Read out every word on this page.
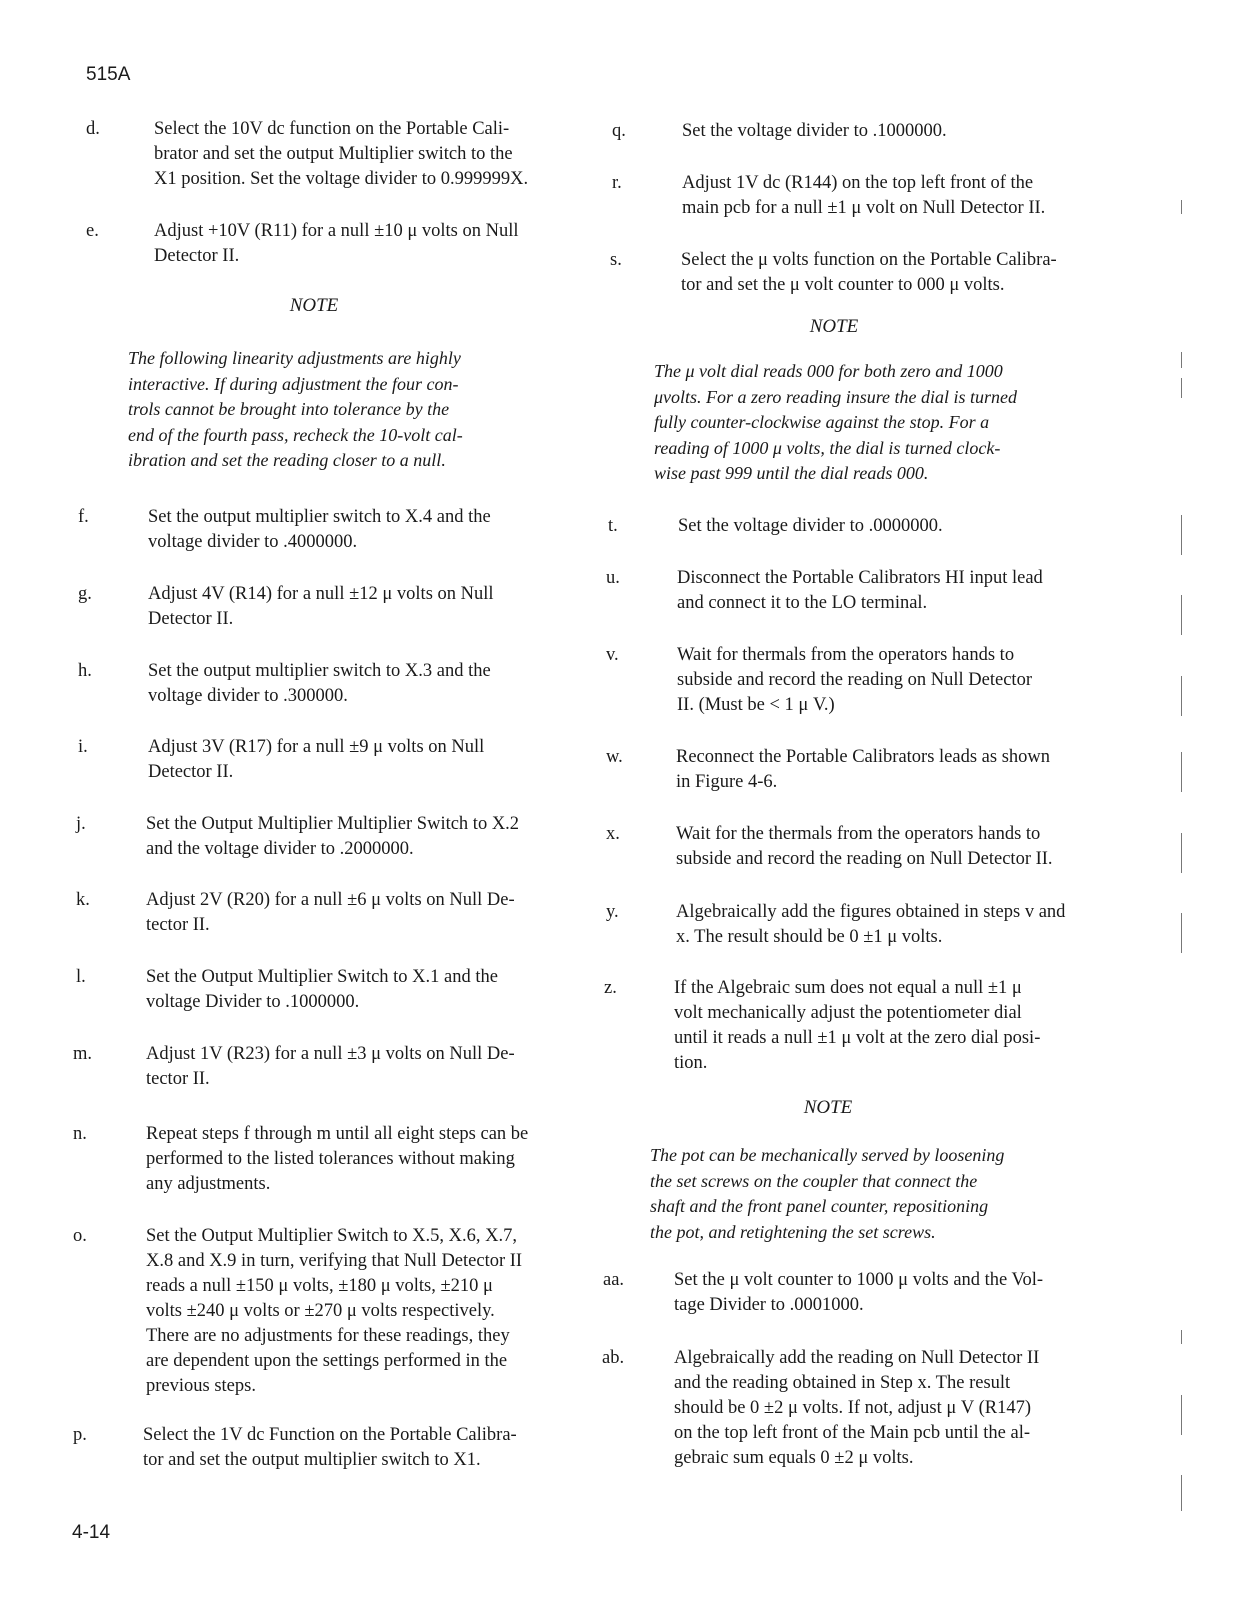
515A
d.	Select the 10V dc function on the Portable Cali-
brator and set the output Multiplier switch to the
X1 position. Set the voltage divider to 0.999999X.
e.	Adjust +10V (R11) for a null ±10 μ volts on Null
Detector II.
NOTE
The following linearity adjustments are highly
interactive. If during adjustment the four con-
trols cannot be brought into tolerance by the
end of the fourth pass, recheck the 10-volt cal-
ibration and set the reading closer to a null.
f.	Set the output multiplier switch to X.4 and the
voltage divider to .4000000.
g.	Adjust 4V (R14) for a null ±12 μ volts on Null
Detector II.
h.	Set the output multiplier switch to X.3 and the
voltage divider to .300000.
i.	Adjust 3V (R17) for a null ±9 μ volts on Null
Detector II.
j.	Set the Output Multiplier Multiplier Switch to X.2
and the voltage divider to .2000000.
k.	Adjust 2V (R20) for a null ±6 μ volts on Null De-
tector II.
l.	Set the Output Multiplier Switch to X.1 and the
voltage Divider to .1000000.
m.	Adjust 1V (R23) for a null ±3 μ volts on Null De-
tector II.
n.	Repeat steps f through m until all eight steps can be
performed to the listed tolerances without making
any adjustments.
o.	Set the Output Multiplier Switch to X.5, X.6, X.7,
X.8 and X.9 in turn, verifying that Null Detector II
reads a null ±150 μ volts, ±180 μ volts, ±210 μ
volts ±240 μ volts or ±270 μ volts respectively.
There are no adjustments for these readings, they
are dependent upon the settings performed in the
previous steps.
p.	Select the 1V dc Function on the Portable Calibra-
tor and set the output multiplier switch to X1.
q.	Set the voltage divider to .1000000.
r.	Adjust 1V dc (R144) on the top left front of the
main pcb for a null ±1 μ volt on Null Detector II.
s.	Select the μ volts function on the Portable Calibra-
tor and set the μ volt counter to 000 μ volts.
NOTE
The μ volt dial reads 000 for both zero and 1000
μvolts. For a zero reading insure the dial is turned
fully counter-clockwise against the stop. For a
reading of 1000 μ volts, the dial is turned clock-
wise past 999 until the dial reads 000.
t.	Set the voltage divider to .0000000.
u.	Disconnect the Portable Calibrators HI input lead
and connect it to the LO terminal.
v.	Wait for thermals from the operators hands to
subside and record the reading on Null Detector
II. (Must be < 1 μ V.)
w.	Reconnect the Portable Calibrators leads as shown
in Figure 4-6.
x.	Wait for the thermals from the operators hands to
subside and record the reading on Null Detector II.
y.	Algebraically add the figures obtained in steps v and
x. The result should be 0 ±1 μ volts.
z.	If the Algebraic sum does not equal a null ±1 μ
volt mechanically adjust the potentiometer dial
until it reads a null ±1 μ volt at the zero dial posi-
tion.
NOTE
The pot can be mechanically served by loosening
the set screws on the coupler that connect the
shaft and the front panel counter, repositioning
the pot, and retightening the set screws.
aa.	Set the μ volt counter to 1000 μ volts and the Vol-
tage Divider to .0001000.
ab.	Algebraically add the reading on Null Detector II
and the reading obtained in Step x. The result
should be 0 ±2 μ volts. If not, adjust μ V (R147)
on the top left front of the Main pcb until the al-
gebraic sum equals 0 ±2 μ volts.
4-14
